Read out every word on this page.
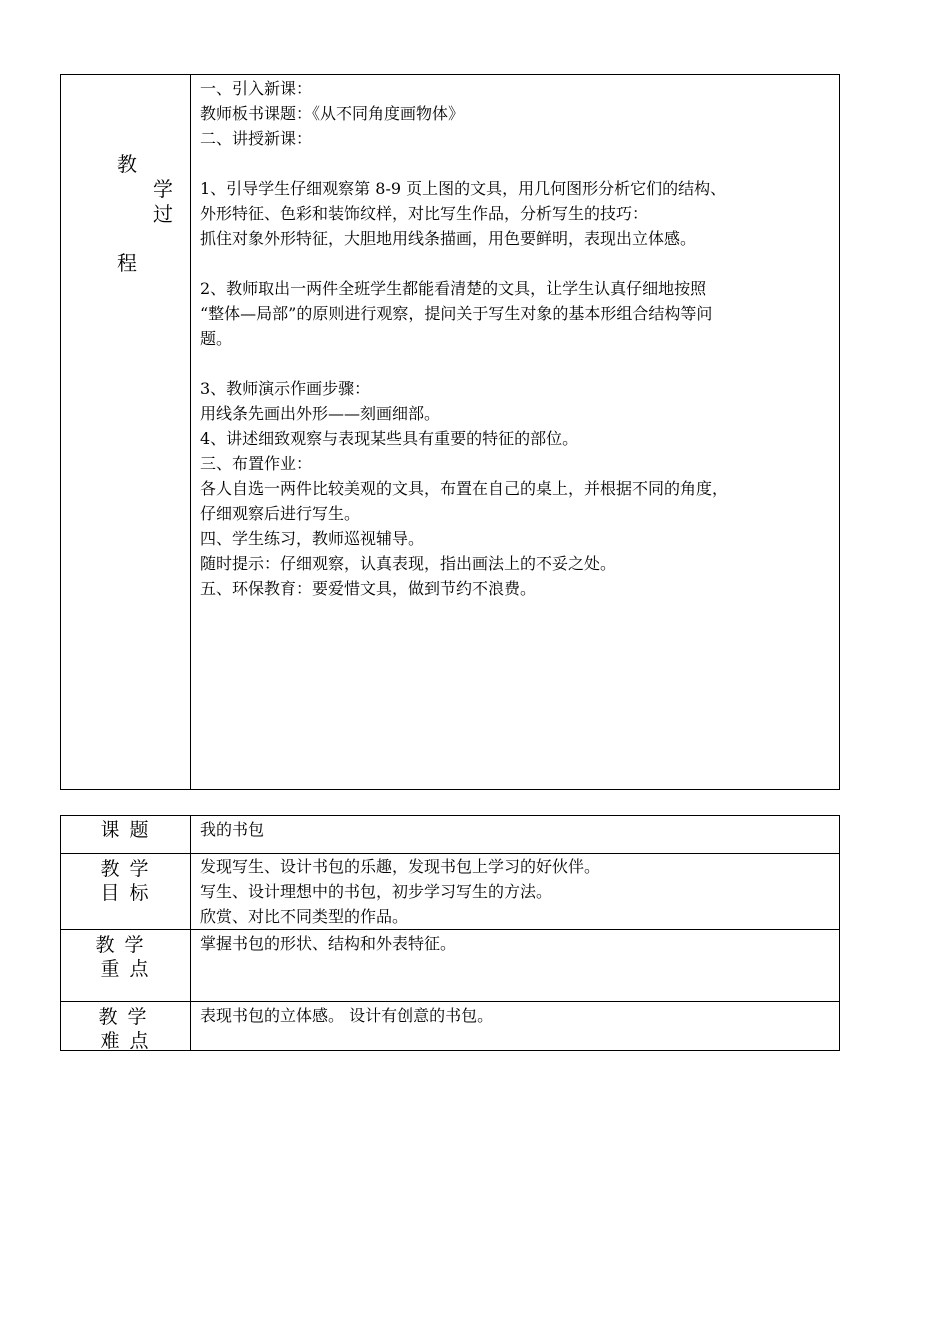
教
学
过
程
一、引入新课：
教师板书课题：《从不同角度画物体》
二、讲授新课：
1、引导学生仔细观察第 8-9 页上图的文具，用几何图形分析它们的结构、
外形特征、色彩和装饰纹样，对比写生作品，分析写生的技巧：
抓住对象外形特征，大胆地用线条描画，用色要鲜明，表现出立体感。
2、教师取出一两件全班学生都能看清楚的文具，让学生认真仔细地按照
“整体—局部”的原则进行观察，提问关于写生对象的基本形组合结构等问
题。
3、教师演示作画步骤：
用线条先画出外形——刻画细部。
4、讲述细致观察与表现某些具有重要的特征的部位。
三、布置作业：
各人自选一两件比较美观的文具，布置在自己的桌上，并根据不同的角度，
仔细观察后进行写生。
四、学生练习，教师巡视辅导。
随时提示：仔细观察，认真表现，指出画法上的不妥之处。
五、环保教育：要爱惜文具，做到节约不浪费。
课 题	我的书包
教 学
目 标
发现写生、设计书包的乐趣，发现书包上学习的好伙伴。
写生、设计理想中的书包，初步学习写生的方法。
欣赏、对比不同类型的作品。
教 学
重 点
掌握书包的形状、结构和外表特征。
教 学
难 点
表现书包的立体感。 设计有创意的书包。
